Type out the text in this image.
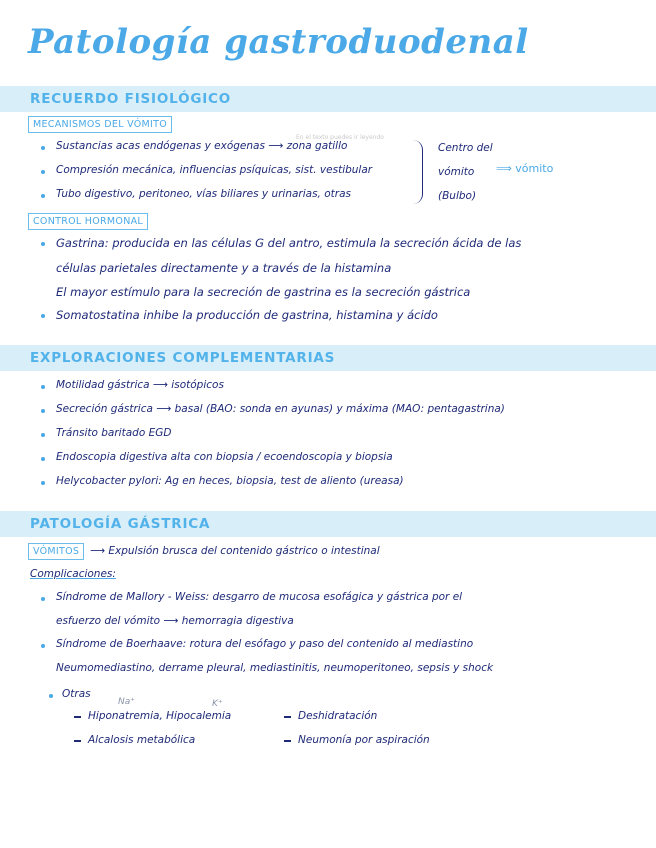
Patología gastroduodenal
RECUERDO FISIOLÓGICO
MECANISMOS DEL VÓMITO
En el texto puedes ir leyendo
Sustancias acas endógenas y exógenas ⟶ zona gatillo
Compresión mecánica, influencias psíquicas, sist. vestibular
Tubo digestivo, peritoneo, vías biliares y urinarias, otras
Centro del
vómito
(Bulbo)
⟹ vómito
CONTROL HORMONAL
Gastrina: producida en las células G del antro, estimula la secreción ácida de las
células parietales directamente y a través de la histamina
El mayor estímulo para la secreción de gastrina es la secreción gástrica
Somatostatina inhibe la producción de gastrina, histamina y ácido
EXPLORACIONES COMPLEMENTARIAS
Motilidad gástrica ⟶ isotópicos
Secreción gástrica ⟶ basal (BAO: sonda en ayunas) y máxima (MAO: pentagastrina)
Tránsito baritado EGD
Endoscopia digestiva alta con biopsia / ecoendoscopia y biopsia
Helycobacter pylori: Ag en heces, biopsia, test de aliento (ureasa)
PATOLOGÍA GÁSTRICA
VÓMITOS	⟶ Expulsión brusca del contenido gástrico o intestinal
Complicaciones:
Síndrome de Mallory - Weiss: desgarro de mucosa esofágica y gástrica por el
esfuerzo del vómito ⟶ hemorragia digestiva
Síndrome de Boerhaave: rotura del esófago y paso del contenido al mediastino
Neumomediastino, derrame pleural, mediastinitis, neumoperitoneo, sepsis y shock
Otras
Na⁺	K⁺
Hiponatremia, Hipocalemia	Deshidratación
Alcalosis metabólica	Neumonía por aspiración
